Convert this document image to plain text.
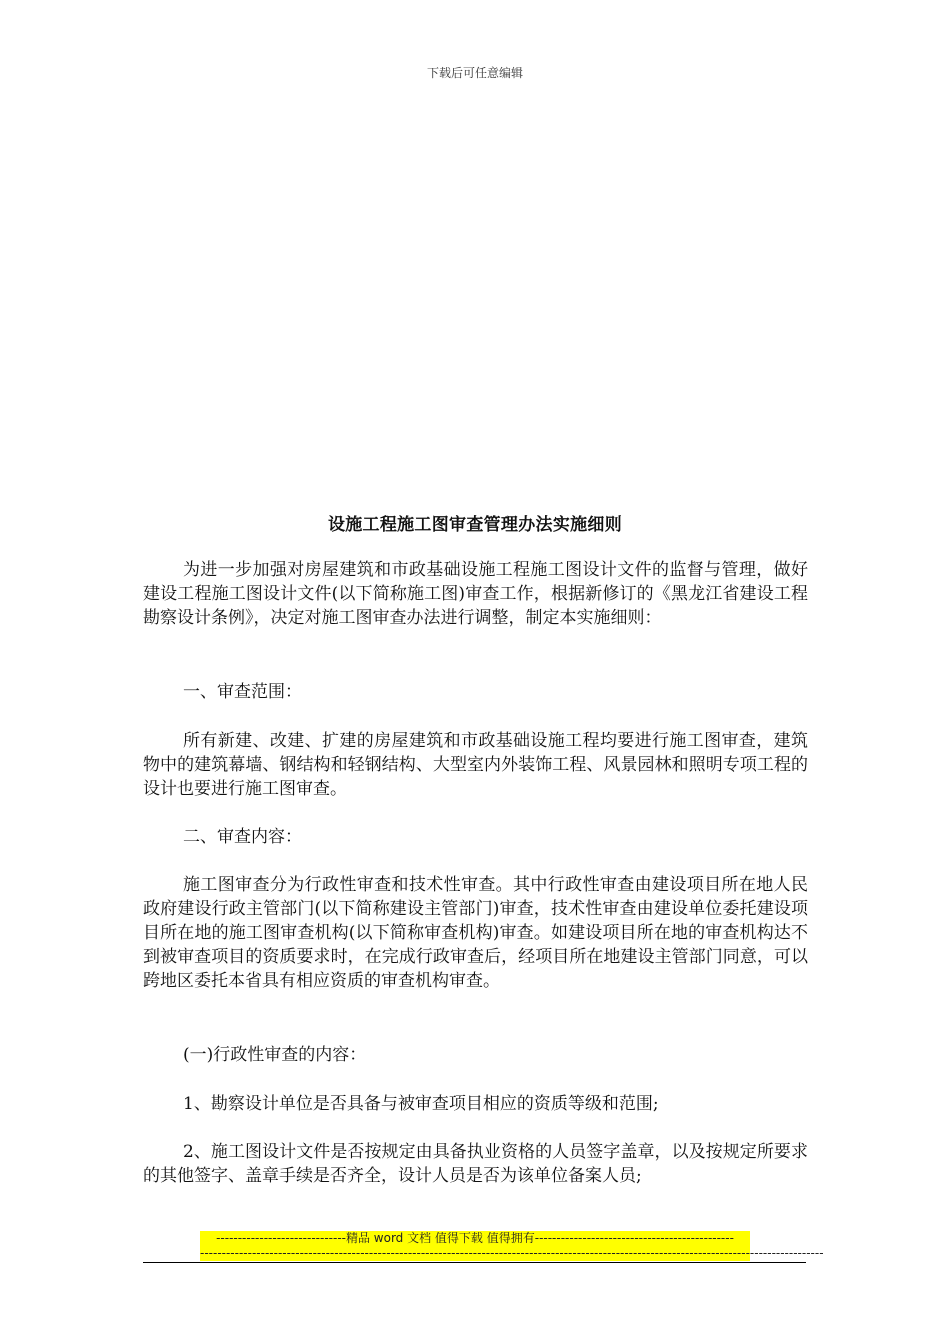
下载后可任意编辑
设施工程施工图审查管理办法实施细则

为进一步加强对房屋建筑和市政基础设施工程施工图设计文件的监督与管理，做好建设工程施工图设计文件(以下简称施工图)审查工作，根据新修订的《黑龙江省建设工程勘察设计条例》，决定对施工图审查办法进行调整，制定本实施细则：

一、审查范围：

所有新建、改建、扩建的房屋建筑和市政基础设施工程均要进行施工图审查，建筑物中的建筑幕墙、钢结构和轻钢结构、大型室内外装饰工程、风景园林和照明专项工程的设计也要进行施工图审查。

二、审查内容：

施工图审查分为行政性审查和技术性审查。其中行政性审查由建设项目所在地人民政府建设行政主管部门(以下简称建设主管部门)审查，技术性审查由建设单位委托建设项目所在地的施工图审查机构(以下简称审查机构)审查。如建设项目所在地的审查机构达不到被审查项目的资质要求时，在完成行政审查后，经项目所在地建设主管部门同意，可以跨地区委托本省具有相应资质的审查机构审查。

(一)行政性审查的内容：

1、勘察设计单位是否具备与被审查项目相应的资质等级和范围;

2、施工图设计文件是否按规定由具备执业资格的人员签字盖章，以及按规定所要求的其他签字、盖章手续是否齐全，设计人员是否为该单位备案人员;

------------------------------精品 word 文档 值得下载 值得拥有----------------------------------------------
------------------------------------------------------------------------------------------------------------------------------------------------
